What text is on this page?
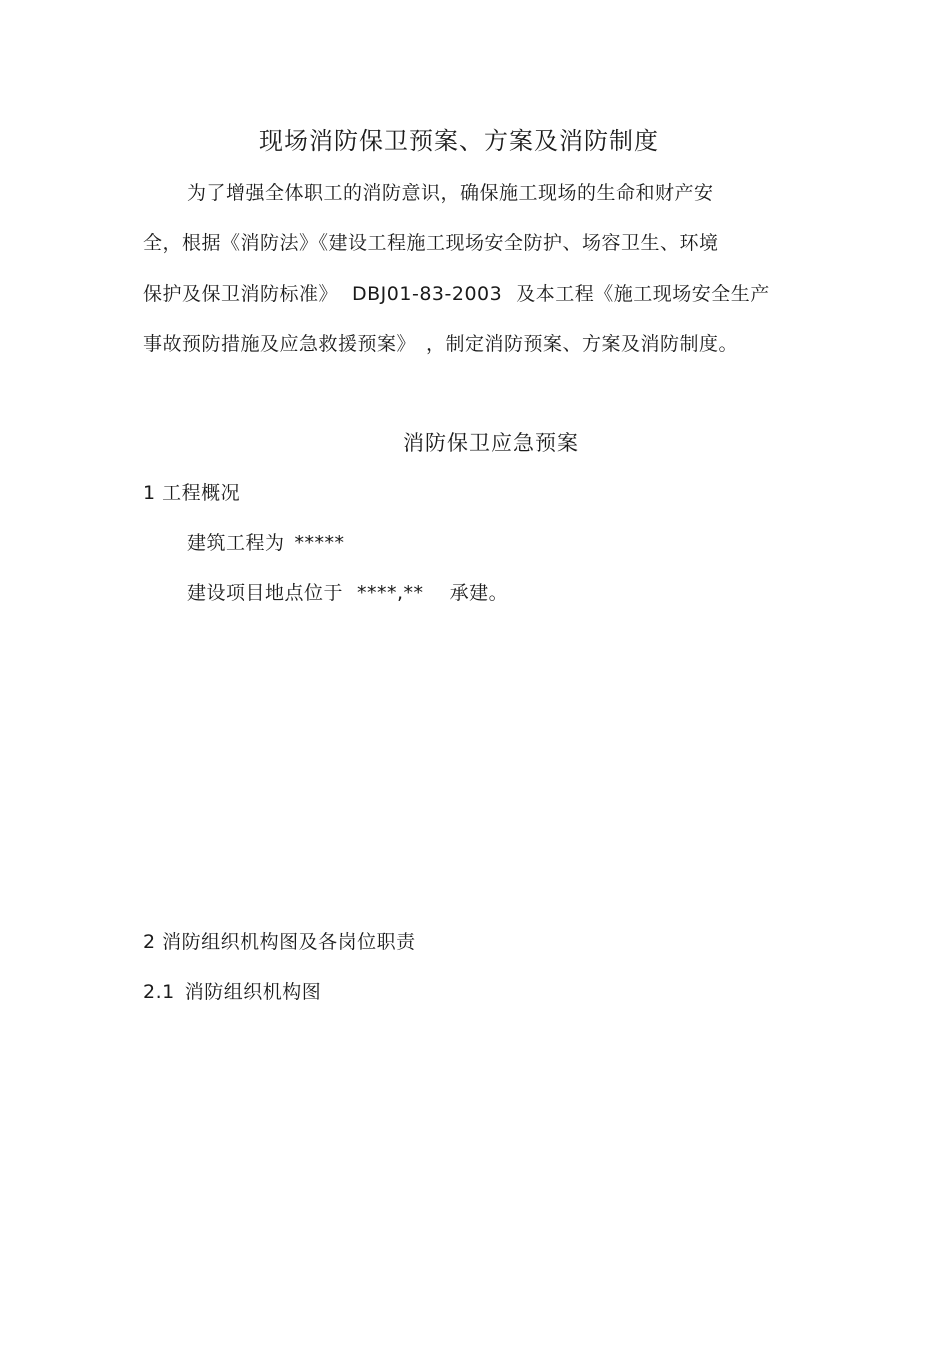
现场消防保卫预案、方案及消防制度
为了增强全体职工的消防意识，确保施工现场的生命和财产安
全，根据《消防法》《建设工程施工现场安全防护、场容卫生、环境
保护及保卫消防标准》 DBJ01-83-2003 及本工程《施工现场安全生产
事故预防措施及应急救援预案》 ，制定消防预案、方案及消防制度。
消防保卫应急预案
1 工程概况
建筑工程为 *****
建设项目地点位于 ****,** 承建。
2 消防组织机构图及各岗位职责
2.1 消防组织机构图
